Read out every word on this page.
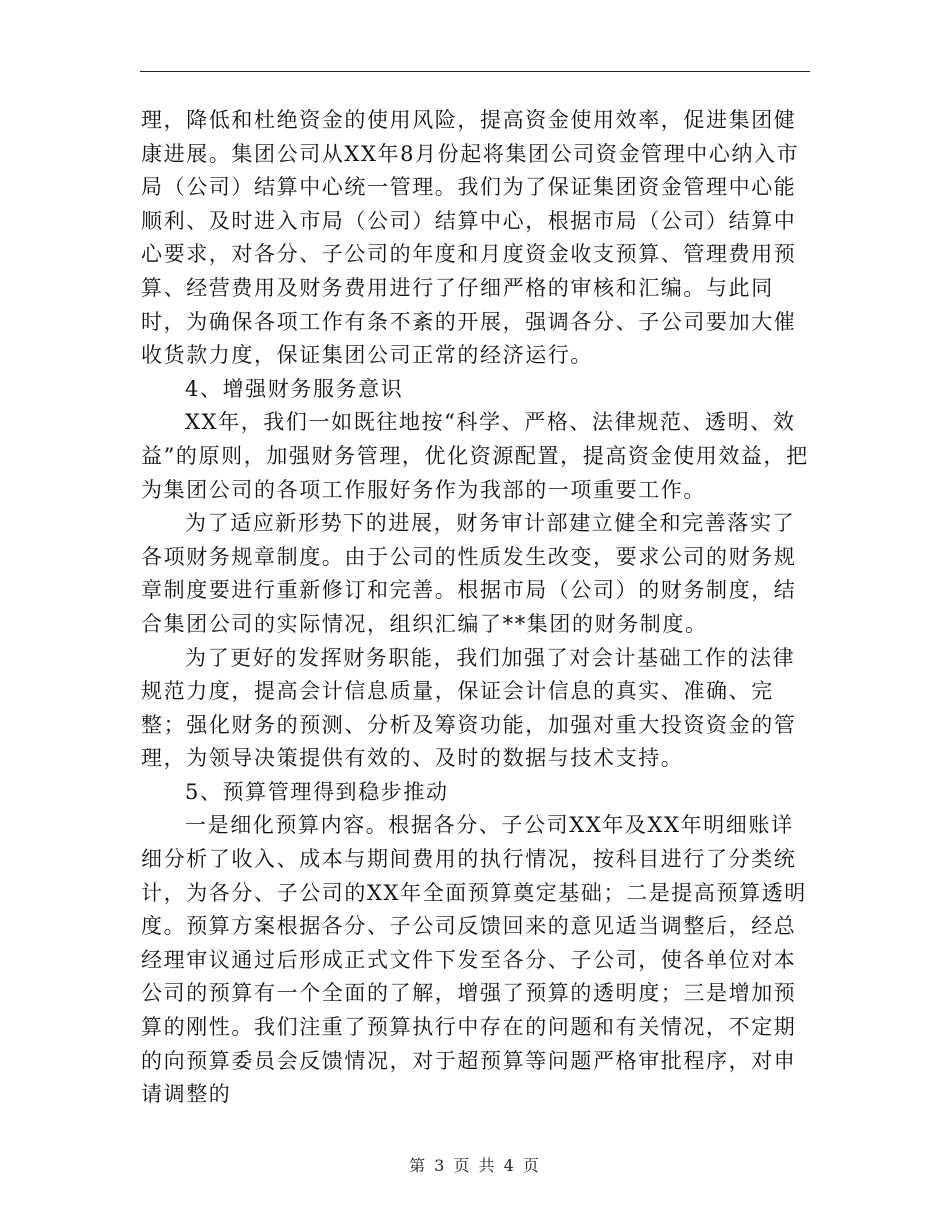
理，降低和杜绝资金的使用风险，提高资金使用效率，促进集团健康进展。集团公司从XX年8月份起将集团公司资金管理中心纳入市局（公司）结算中心统一管理。我们为了保证集团资金管理中心能顺利、及时进入市局（公司）结算中心，根据市局（公司）结算中心要求，对各分、子公司的年度和月度资金收支预算、管理费用预算、经营费用及财务费用进行了仔细严格的审核和汇编。与此同时，为确保各项工作有条不紊的开展，强调各分、子公司要加大催收货款力度，保证集团公司正常的经济运行。

4、增强财务服务意识

XX年，我们一如既往地按“科学、严格、法律规范、透明、效益”的原则，加强财务管理，优化资源配置，提高资金使用效益，把为集团公司的各项工作服好务作为我部的一项重要工作。

为了适应新形势下的进展，财务审计部建立健全和完善落实了各项财务规章制度。由于公司的性质发生改变，要求公司的财务规章制度要进行重新修订和完善。根据市局（公司）的财务制度，结合集团公司的实际情况，组织汇编了**集团的财务制度。

为了更好的发挥财务职能，我们加强了对会计基础工作的法律规范力度，提高会计信息质量，保证会计信息的真实、准确、完整；强化财务的预测、分析及筹资功能，加强对重大投资资金的管理，为领导决策提供有效的、及时的数据与技术支持。

5、预算管理得到稳步推动

一是细化预算内容。根据各分、子公司XX年及XX年明细账详细分析了收入、成本与期间费用的执行情况，按科目进行了分类统计，为各分、子公司的XX年全面预算奠定基础；二是提高预算透明度。预算方案根据各分、子公司反馈回来的意见适当调整后，经总经理审议通过后形成正式文件下发至各分、子公司，使各单位对本公司的预算有一个全面的了解，增强了预算的透明度；三是增加预算的刚性。我们注重了预算执行中存在的问题和有关情况，不定期的向预算委员会反馈情况，对于超预算等问题严格审批程序，对申请调整的

第 3 页 共 4 页
